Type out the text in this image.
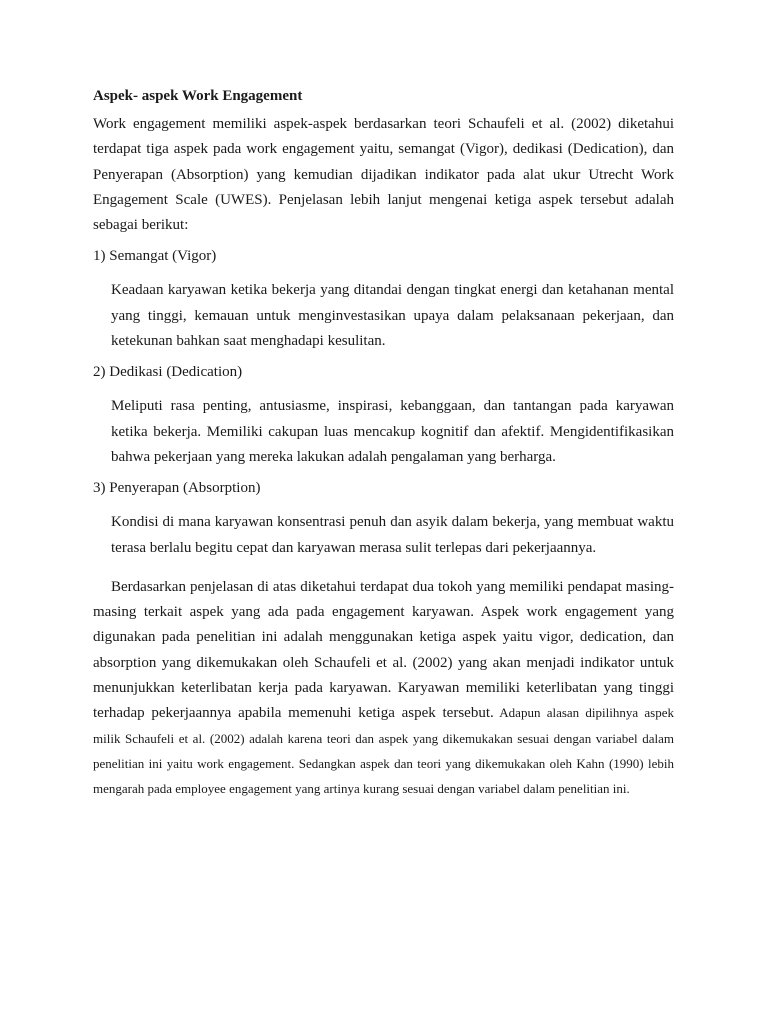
Aspek- aspek Work Engagement

Work engagement memiliki aspek-aspek berdasarkan teori Schaufeli et al. (2002) diketahui terdapat tiga aspek pada work engagement yaitu, semangat (Vigor), dedikasi (Dedication), dan Penyerapan (Absorption) yang kemudian dijadikan indikator pada alat ukur Utrecht Work Engagement Scale (UWES). Penjelasan lebih lanjut mengenai ketiga aspek tersebut adalah sebagai berikut:

1) Semangat (Vigor)

Keadaan karyawan ketika bekerja yang ditandai dengan tingkat energi dan ketahanan mental yang tinggi, kemauan untuk menginvestasikan upaya dalam pelaksanaan pekerjaan, dan ketekunan bahkan saat menghadapi kesulitan.

2) Dedikasi (Dedication)

Meliputi rasa penting, antusiasme, inspirasi, kebanggaan, dan tantangan pada karyawan ketika bekerja. Memiliki cakupan luas mencakup kognitif dan afektif. Mengidentifikasikan bahwa pekerjaan yang mereka lakukan adalah pengalaman yang berharga.

3) Penyerapan (Absorption)

Kondisi di mana karyawan konsentrasi penuh dan asyik dalam bekerja, yang membuat waktu terasa berlalu begitu cepat dan karyawan merasa sulit terlepas dari pekerjaannya.

Berdasarkan penjelasan di atas diketahui terdapat dua tokoh yang memiliki pendapat masing-masing terkait aspek yang ada pada engagement karyawan. Aspek work engagement yang digunakan pada penelitian ini adalah menggunakan ketiga aspek yaitu vigor, dedication, dan absorption yang dikemukakan oleh Schaufeli et al. (2002) yang akan menjadi indikator untuk menunjukkan keterlibatan kerja pada karyawan. Karyawan memiliki keterlibatan yang tinggi terhadap pekerjaannya apabila memenuhi ketiga aspek tersebut. Adapun alasan dipilihnya aspek milik Schaufeli et al. (2002) adalah karena teori dan aspek yang dikemukakan sesuai dengan variabel dalam penelitian ini yaitu work engagement. Sedangkan aspek dan teori yang dikemukakan oleh Kahn (1990) lebih mengarah pada employee engagement yang artinya kurang sesuai dengan variabel dalam penelitian ini.
